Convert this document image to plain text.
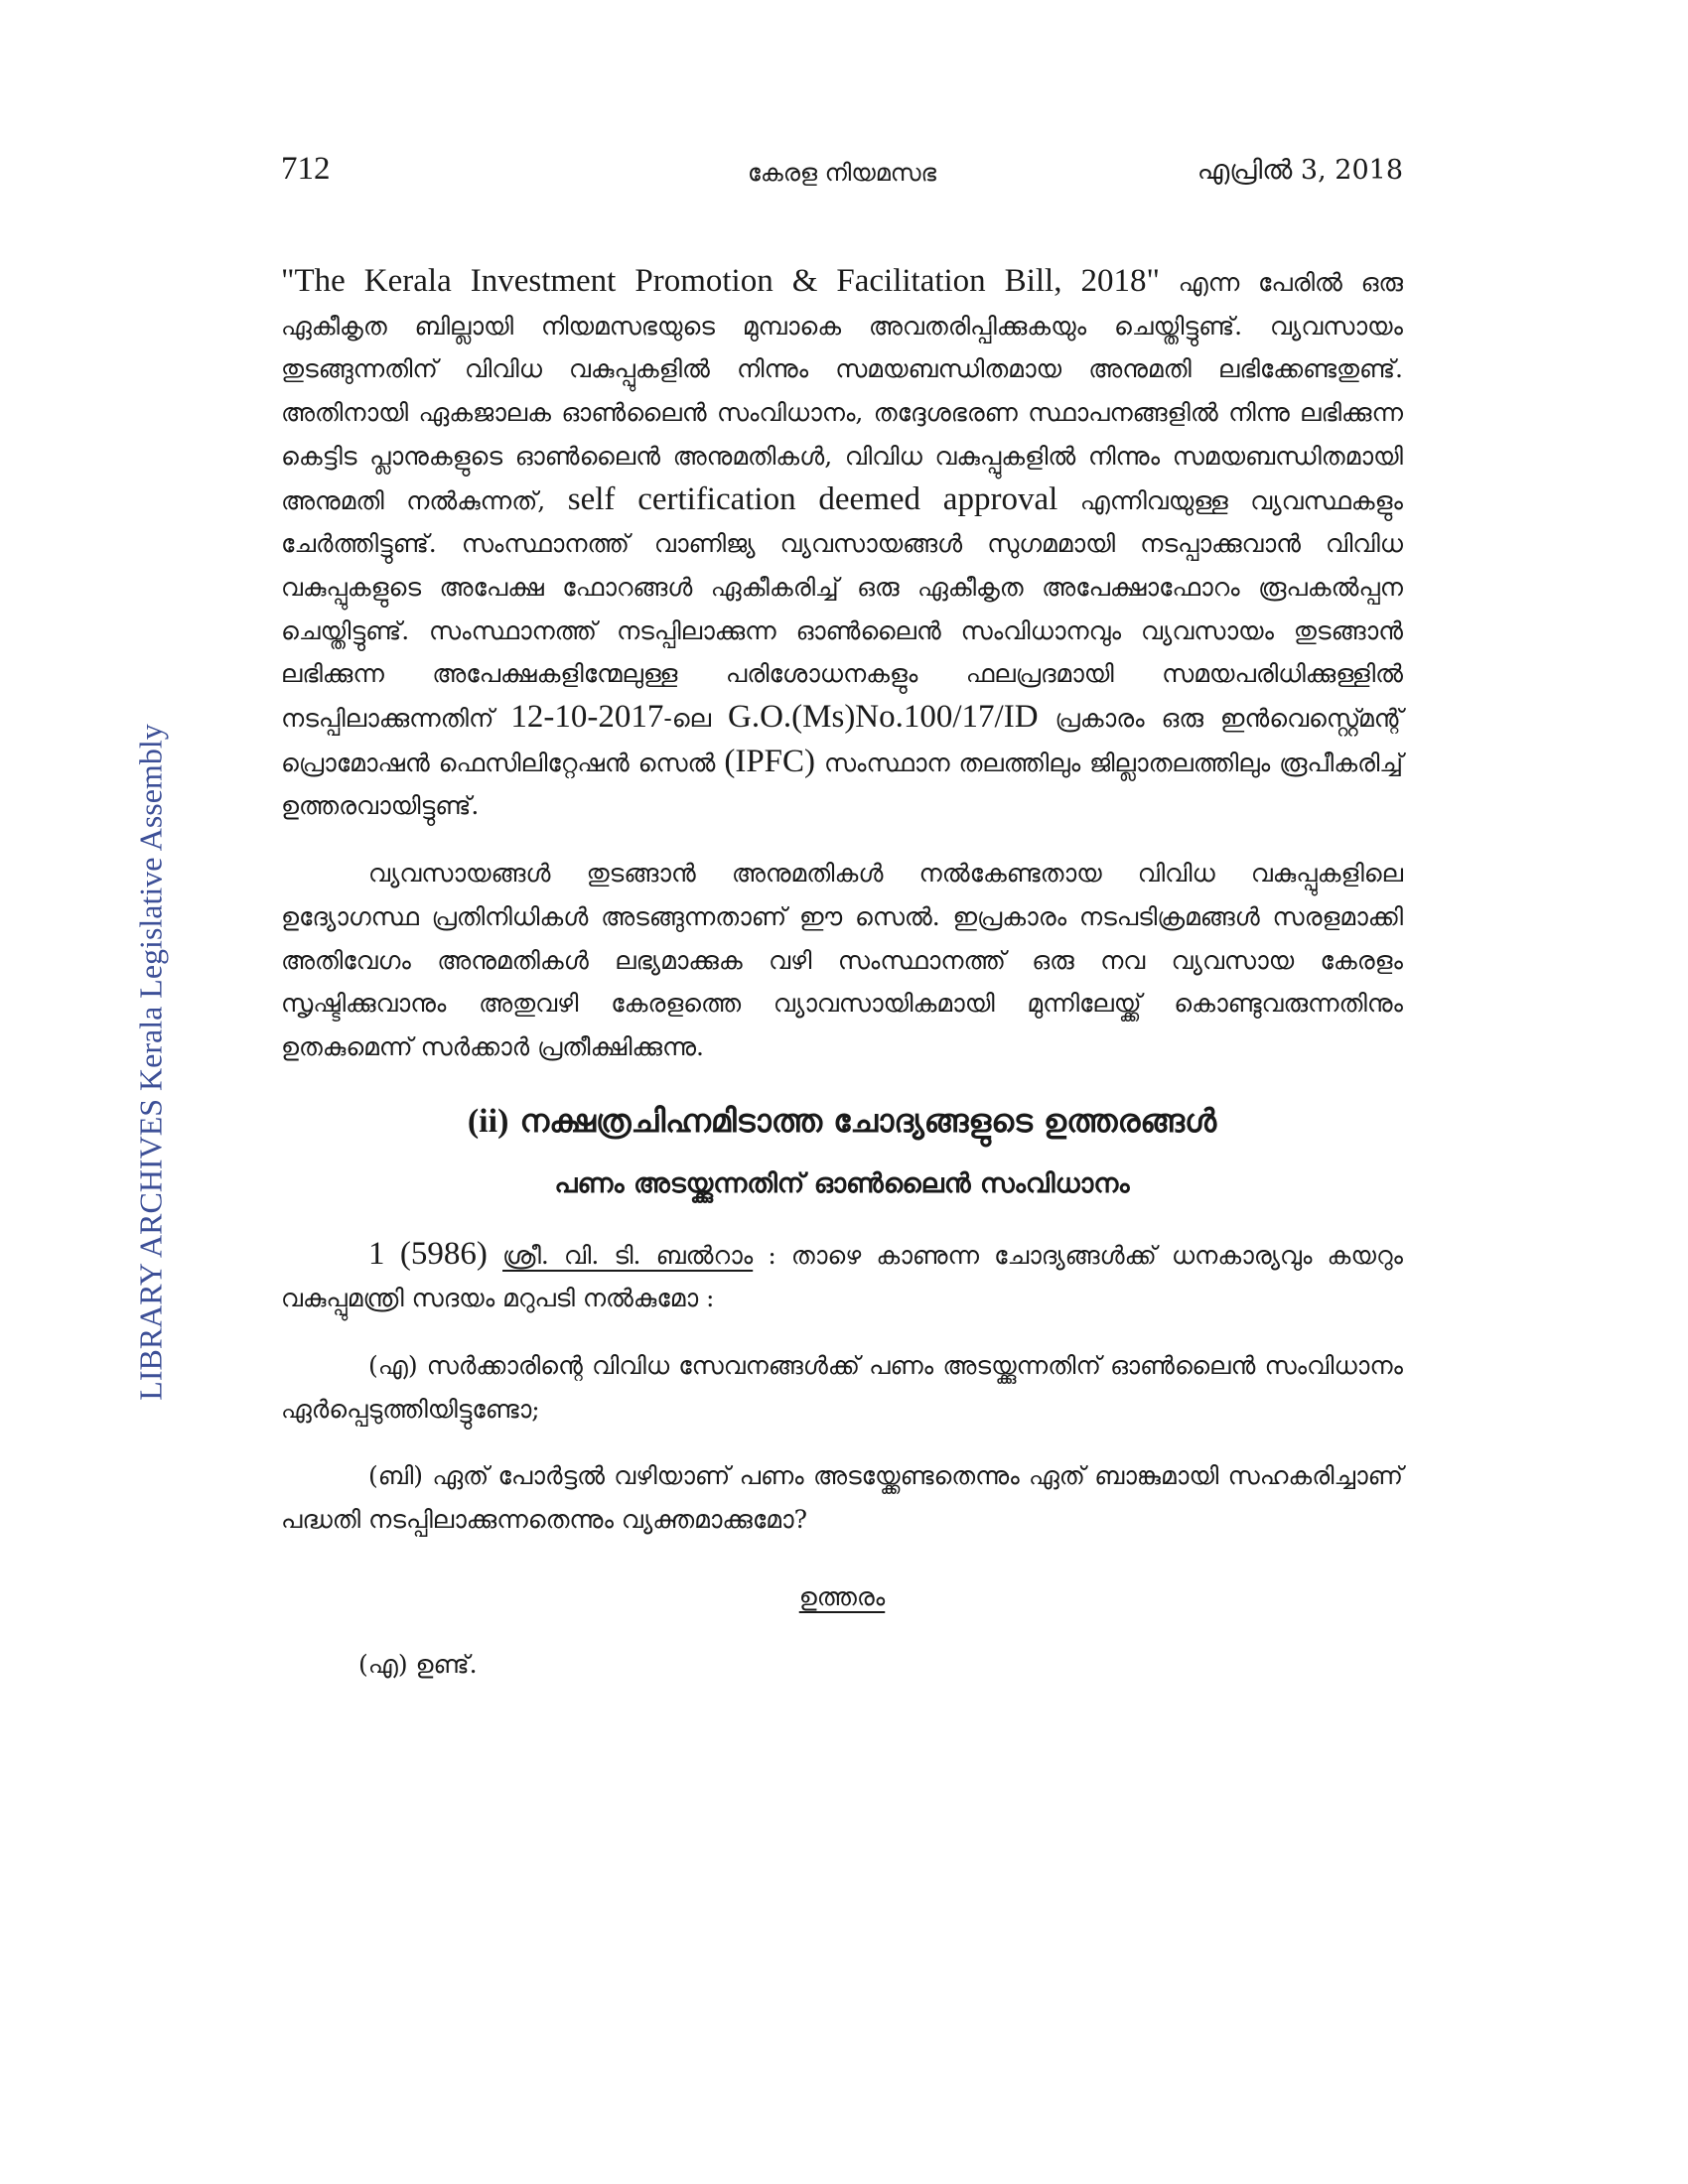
712	കേരള നിയമസഭ	എപ്രിൽ 3, 2018
LIBRARY ARCHIVES Kerala Legislative Assembly

"The Kerala Investment Promotion & Facilitation Bill, 2018" എന്ന പേരിൽ ഒരു ഏകീകൃത ബില്ലായി നിയമസഭയുടെ മുമ്പാകെ അവതരിപ്പിക്കുകയും ചെയ്തിട്ടുണ്ട്. വ്യവസായം തുടങ്ങുന്നതിന് വിവിധ വകുപ്പുകളിൽ നിന്നും സമയബന്ധിതമായ അനുമതി ലഭിക്കേണ്ടതുണ്ട്. അതിനായി ഏകജാലക ഓൺലൈൻ സംവിധാനം, തദ്ദേശഭരണ സ്ഥാപനങ്ങളിൽ നിന്നു ലഭിക്കുന്ന കെട്ടിട പ്ലാനുകളുടെ ഓൺലൈൻ അനുമതികൾ, വിവിധ വകുപ്പുകളിൽ നിന്നും സമയബന്ധിതമായി അനുമതി നൽകുന്നത്, self certification deemed approval എന്നിവയുള്ള വ്യവസ്ഥകളും ചേർത്തിട്ടുണ്ട്. സംസ്ഥാനത്ത് വാണിജ്യ വ്യവസായങ്ങൾ സുഗമമായി നടപ്പാക്കുവാൻ വിവിധ വകുപ്പുകളുടെ അപേക്ഷ ഫോറങ്ങൾ ഏകീകരിച്ച് ഒരു ഏകീകൃത അപേക്ഷാഫോറം രൂപകൽപ്പന ചെയ്തിട്ടുണ്ട്. സംസ്ഥാനത്ത് നടപ്പിലാക്കുന്ന ഓൺലൈൻ സംവിധാനവും വ്യവസായം തുടങ്ങാൻ ലഭിക്കുന്ന അപേക്ഷകളിന്മേലുള്ള പരിശോധനകളും ഫലപ്രദമായി സമയപരിധിക്കുള്ളിൽ നടപ്പിലാക്കുന്നതിന് 12-10-2017-ലെ G.O.(Ms)No.100/17/ID പ്രകാരം ഒരു ഇൻവെസ്റ്റ്മെന്റ് പ്രൊമോഷൻ ഫെസിലിറ്റേഷൻ സെൽ (IPFC) സംസ്ഥാന തലത്തിലും ജില്ലാതലത്തിലും രൂപീകരിച്ച് ഉത്തരവായിട്ടുണ്ട്.

വ്യവസായങ്ങൾ തുടങ്ങാൻ അനുമതികൾ നൽകേണ്ടതായ വിവിധ വകുപ്പുകളിലെ ഉദ്യോഗസ്ഥ പ്രതിനിധികൾ അടങ്ങുന്നതാണ് ഈ സെൽ. ഇപ്രകാരം നടപടിക്രമങ്ങൾ സരളമാക്കി അതിവേഗം അനുമതികൾ ലഭ്യമാക്കുക വഴി സംസ്ഥാനത്ത് ഒരു നവ വ്യവസായ കേരളം സൃഷ്ടിക്കുവാനും അതുവഴി കേരളത്തെ വ്യാവസായികമായി മുന്നിലേയ്ക്ക് കൊണ്ടുവരുന്നതിനും ഉതകുമെന്ന് സർക്കാർ പ്രതീക്ഷിക്കുന്നു.

(ii) നക്ഷത്രചിഹ്നമിടാത്ത ചോദ്യങ്ങളുടെ ഉത്തരങ്ങൾ
പണം അടയ്ക്കുന്നതിന് ഓൺലൈൻ സംവിധാനം

1 (5986) ശ്രീ. വി. ടി. ബൽറാം : താഴെ കാണുന്ന ചോദ്യങ്ങൾക്ക് ധനകാര്യവും കയറും വകുപ്പുമന്ത്രി സദയം മറുപടി നൽകുമോ :

(എ) സർക്കാരിന്റെ വിവിധ സേവനങ്ങൾക്ക് പണം അടയ്ക്കുന്നതിന് ഓൺലൈൻ സംവിധാനം ഏർപ്പെടുത്തിയിട്ടുണ്ടോ;

(ബി) ഏത് പോർട്ടൽ വഴിയാണ് പണം അടയ്ക്കേണ്ടതെന്നും ഏത് ബാങ്കുമായി സഹകരിച്ചാണ് പദ്ധതി നടപ്പിലാക്കുന്നതെന്നും വ്യക്തമാക്കുമോ?

ഉത്തരം

(എ) ഉണ്ട്.
